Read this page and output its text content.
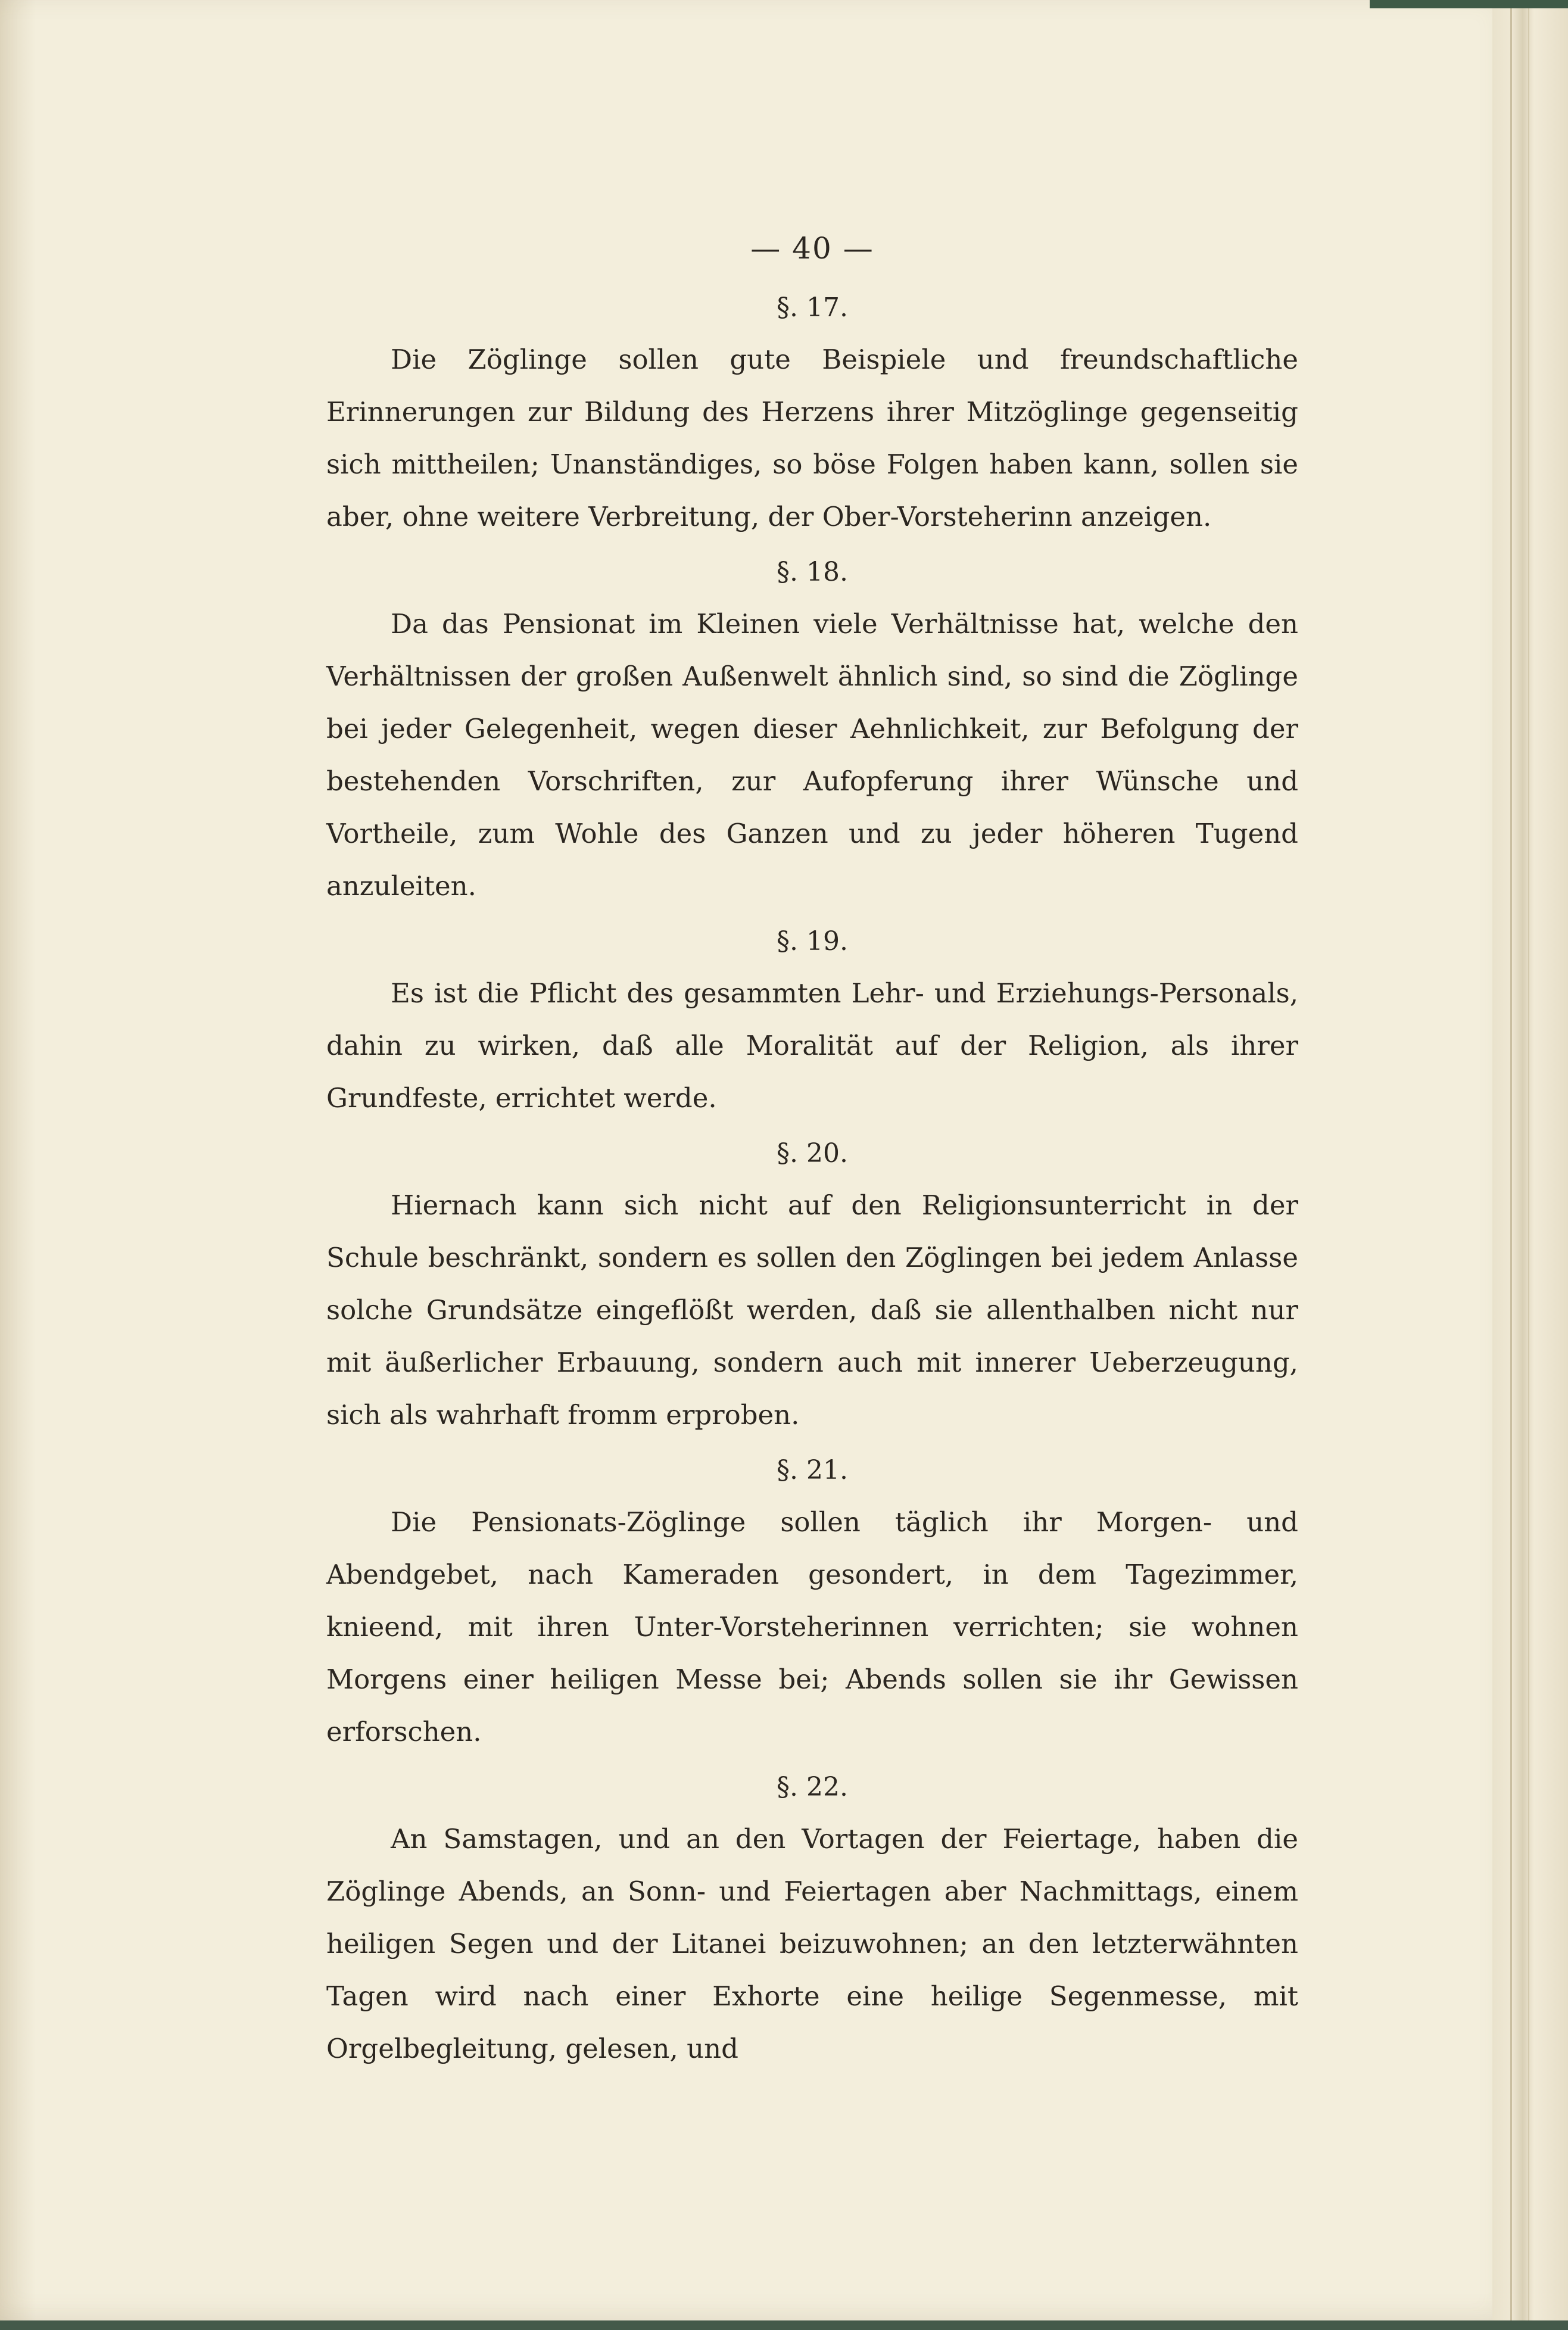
— 40 —
§. 17.

Die Zöglinge sollen gute Beispiele und freundschaftliche Erinnerungen zur Bildung des Herzens ihrer Mitzöglinge gegenseitig sich mittheilen; Unanständiges, so böse Folgen haben kann, sollen sie aber, ohne weitere Verbreitung, der Ober-Vorsteherinn anzeigen.

§. 18.

Da das Pensionat im Kleinen viele Verhältnisse hat, welche den Verhältnissen der großen Außenwelt ähnlich sind, so sind die Zöglinge bei jeder Gelegenheit, wegen dieser Aehnlichkeit, zur Befolgung der bestehenden Vorschriften, zur Aufopferung ihrer Wünsche und Vortheile, zum Wohle des Ganzen und zu jeder höheren Tugend anzuleiten.

§. 19.

Es ist die Pflicht des gesammten Lehr- und Erziehungs-Personals, dahin zu wirken, daß alle Moralität auf der Religion, als ihrer Grundfeste, errichtet werde.

§. 20.

Hiernach kann sich nicht auf den Religionsunterricht in der Schule beschränkt, sondern es sollen den Zöglingen bei jedem Anlasse solche Grundsätze eingeflößt werden, daß sie allenthalben nicht nur mit äußerlicher Erbauung, sondern auch mit innerer Ueberzeugung, sich als wahrhaft fromm erproben.

§. 21.

Die Pensionats-Zöglinge sollen täglich ihr Morgen- und Abendgebet, nach Kameraden gesondert, in dem Tagezimmer, knieend, mit ihren Unter-Vorsteherinnen verrichten; sie wohnen Morgens einer heiligen Messe bei; Abends sollen sie ihr Gewissen erforschen.

§. 22.

An Samstagen, und an den Vortagen der Feiertage, haben die Zöglinge Abends, an Sonn- und Feiertagen aber Nachmittags, einem heiligen Segen und der Litanei beizuwohnen; an den letzterwähnten Tagen wird nach einer Exhorte eine heilige Segenmesse, mit Orgelbegleitung, gelesen, und
